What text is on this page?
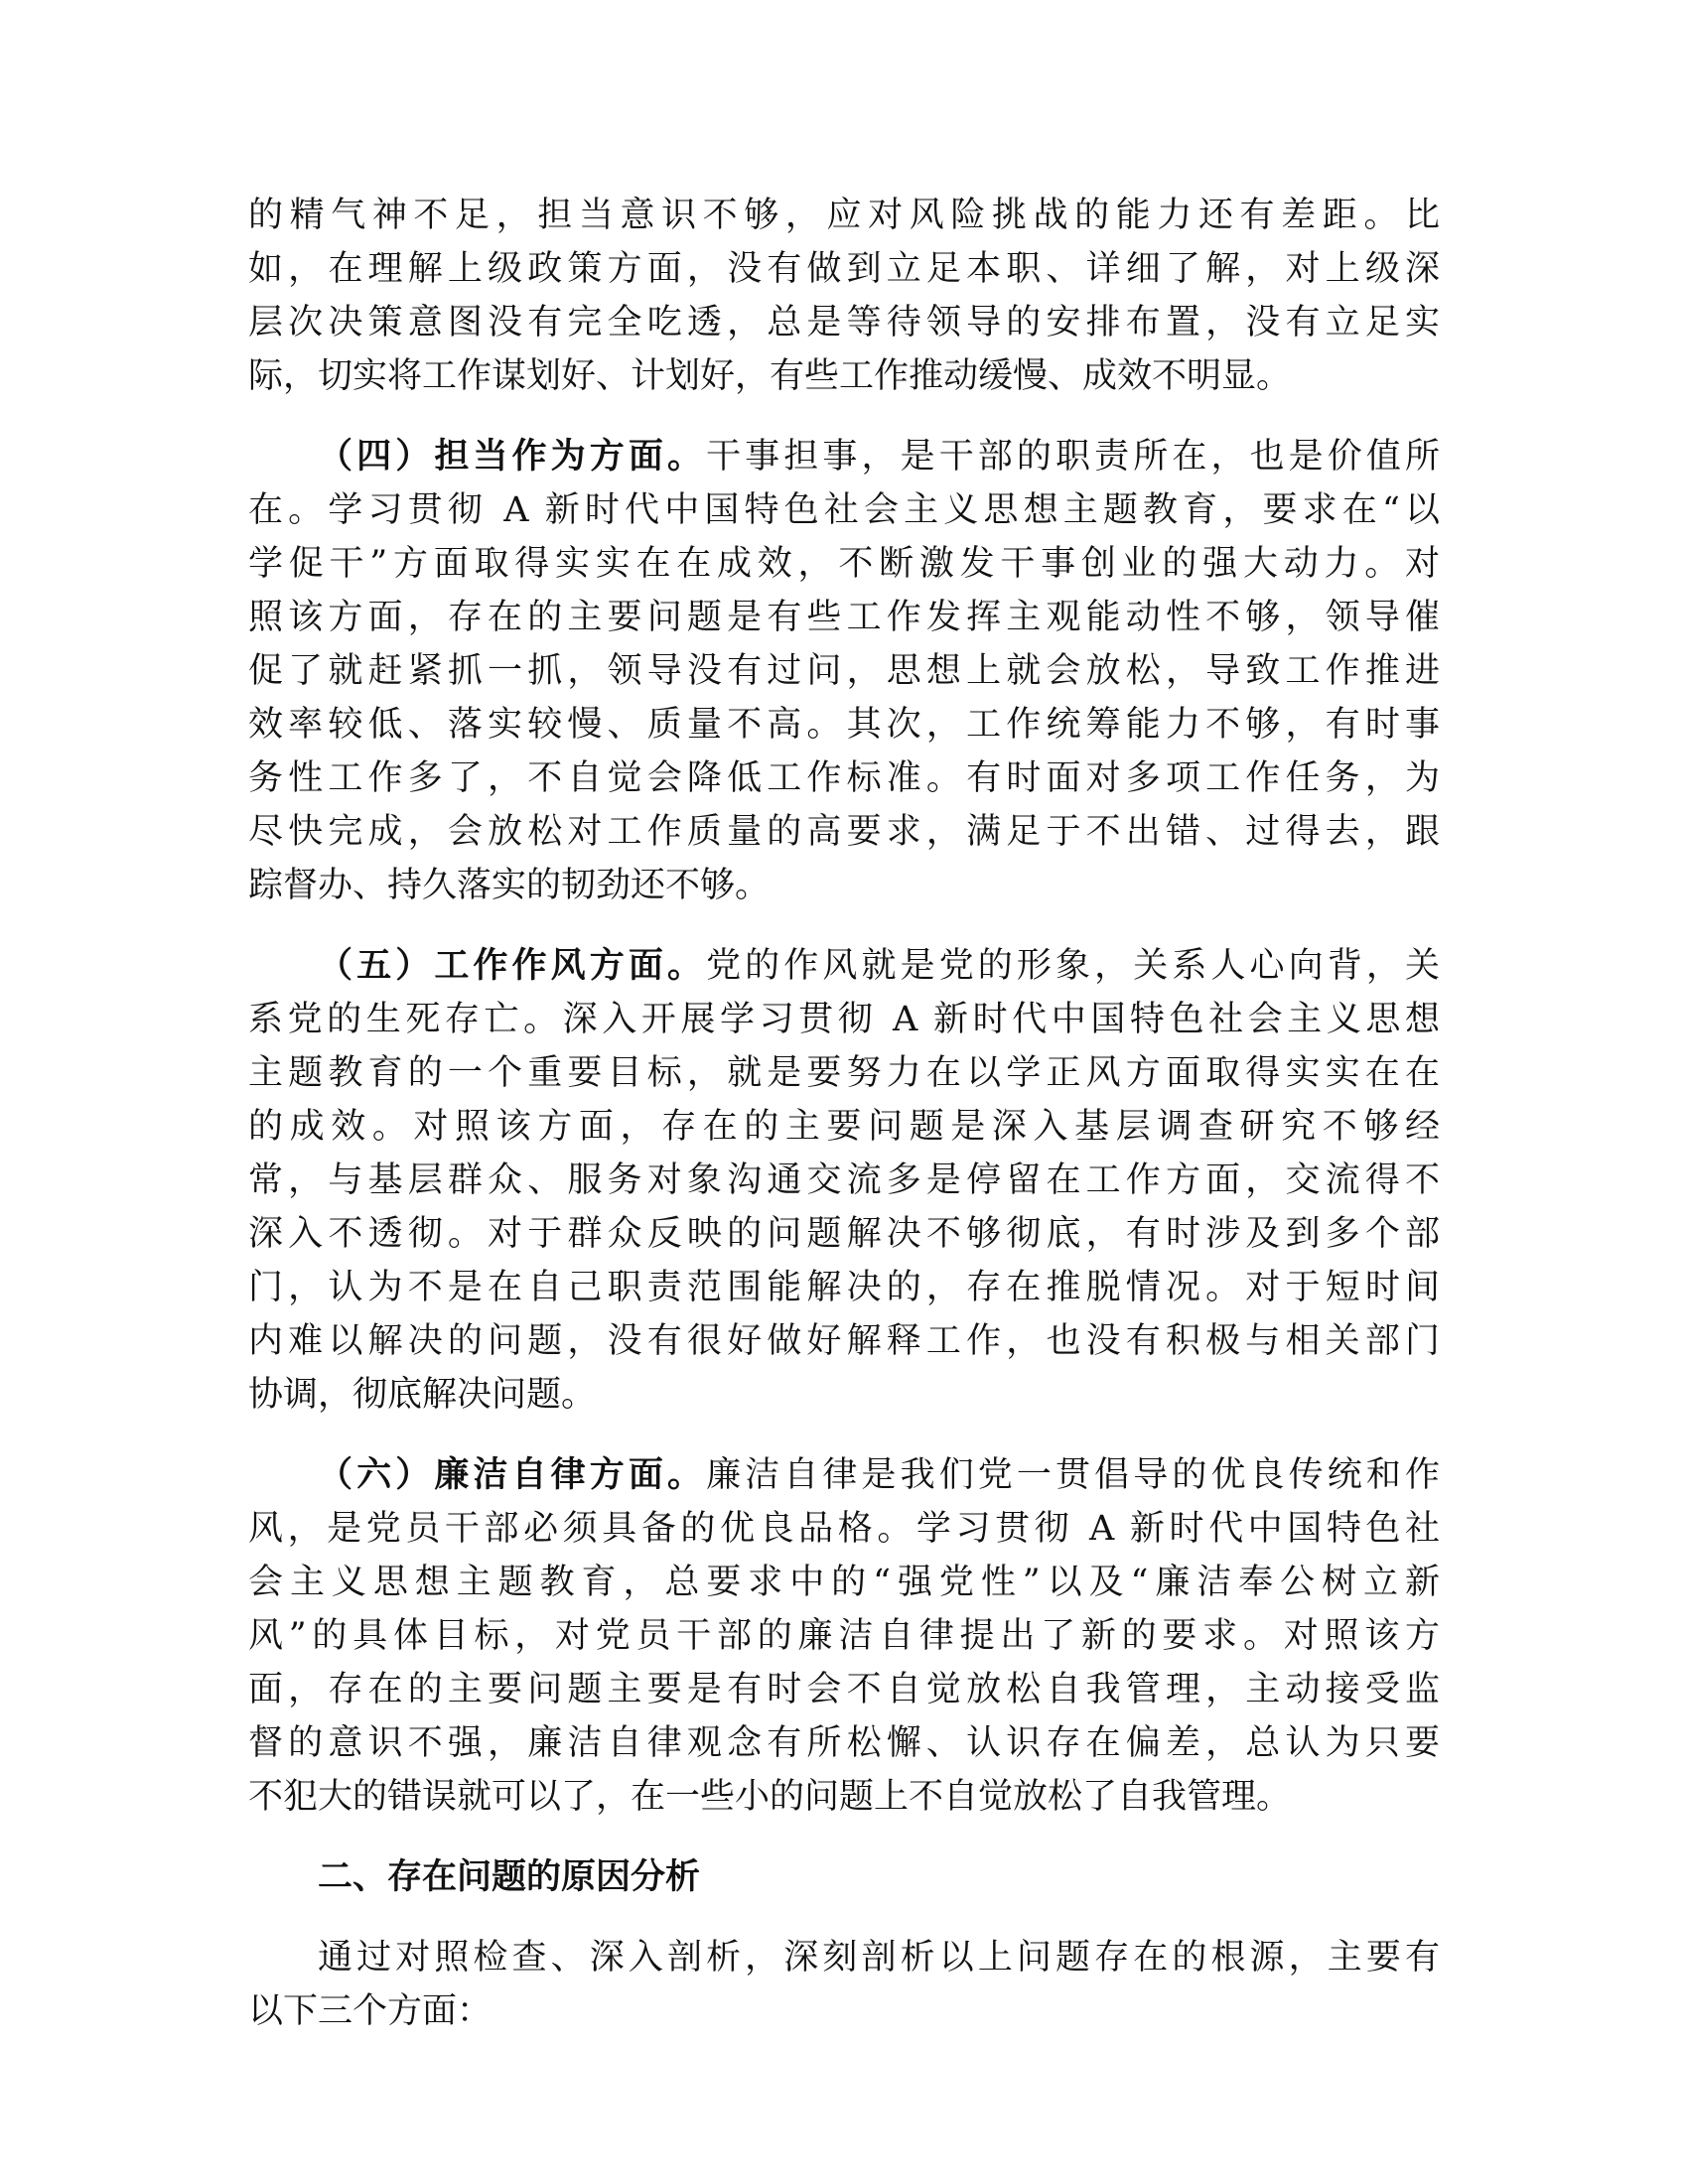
的精气神不足，担当意识不够，应对风险挑战的能力还有差距。比
如，在理解上级政策方面，没有做到立足本职、详细了解，对上级深
层次决策意图没有完全吃透，总是等待领导的安排布置，没有立足实
际，切实将工作谋划好、计划好，有些工作推动缓慢、成效不明显。
（四）担当作为方面。干事担事，是干部的职责所在，也是价值所
在。学习贯彻 A 新时代中国特色社会主义思想主题教育，要求在“以
学促干”方面取得实实在在成效，不断激发干事创业的强大动力。对
照该方面，存在的主要问题是有些工作发挥主观能动性不够，领导催
促了就赶紧抓一抓，领导没有过问，思想上就会放松，导致工作推进
效率较低、落实较慢、质量不高。其次，工作统筹能力不够，有时事
务性工作多了，不自觉会降低工作标准。有时面对多项工作任务，为
尽快完成，会放松对工作质量的高要求，满足于不出错、过得去，跟
踪督办、持久落实的韧劲还不够。
（五）工作作风方面。党的作风就是党的形象，关系人心向背，关
系党的生死存亡。深入开展学习贯彻 A 新时代中国特色社会主义思想
主题教育的一个重要目标，就是要努力在以学正风方面取得实实在在
的成效。对照该方面，存在的主要问题是深入基层调查研究不够经
常，与基层群众、服务对象沟通交流多是停留在工作方面，交流得不
深入不透彻。对于群众反映的问题解决不够彻底，有时涉及到多个部
门，认为不是在自己职责范围能解决的，存在推脱情况。对于短时间
内难以解决的问题，没有很好做好解释工作，也没有积极与相关部门
协调，彻底解决问题。
（六）廉洁自律方面。廉洁自律是我们党一贯倡导的优良传统和作
风，是党员干部必须具备的优良品格。学习贯彻 A 新时代中国特色社
会主义思想主题教育，总要求中的“强党性”以及“廉洁奉公树立新
风”的具体目标，对党员干部的廉洁自律提出了新的要求。对照该方
面，存在的主要问题主要是有时会不自觉放松自我管理，主动接受监
督的意识不强，廉洁自律观念有所松懈、认识存在偏差，总认为只要
不犯大的错误就可以了，在一些小的问题上不自觉放松了自我管理。
二、存在问题的原因分析
通过对照检查、深入剖析，深刻剖析以上问题存在的根源，主要有
以下三个方面：
